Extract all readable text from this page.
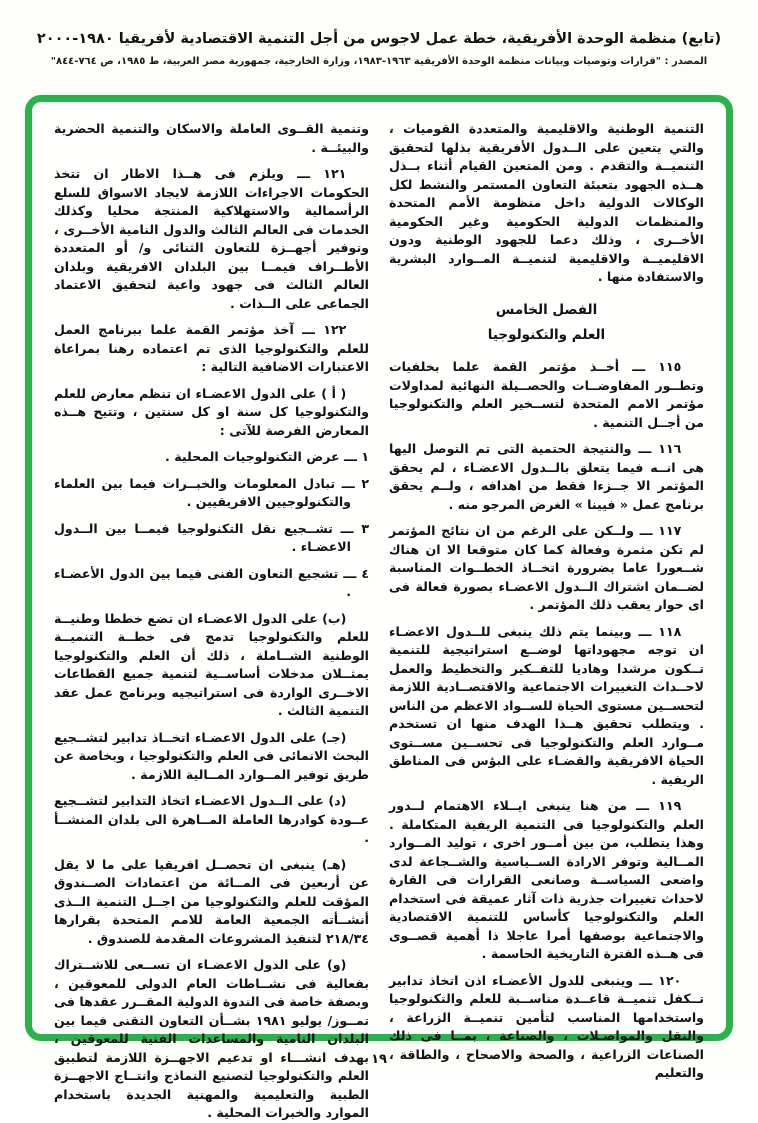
(تابع) منظمة الوحدة الأفريقية، خطة عمل لاجوس من أجل التنمية الاقتصادية لأفريقيا ١٩٨٠-٢٠٠٠
المصدر : "قرارات وتوصيات وبيانات منظمة الوحدة الأفريقية ١٩٦٣-١٩٨٣، وزارة الخارجية، جمهورية مصر العربية، ط ١٩٨٥، ص ٧٦٤-٨٤٤"

التنمية الوطنية والاقليمية والمتعددة القوميات ، والتي يتعين على الــدول الأفريقية بذلها لتحقيق التنميــة والتقدم . ومن المتعين القيام أثناء بــذل هــذه الجهود بتعبئة التعاون المستمر والنشط لكل الوكالات الدولية داخل منظومة الأمم المتحدة والمنظمات الدولية الحكومية وغير الحكومية الأخــرى ، وذلك دعما للجهود الوطنية ودون الاقليميــة والاقليمية لتنميــة المــوارد البشرية والاستفادة منها .

الفصل الخامس

العلم والتكنولوجيا

١١٥ ـــ أخــذ مؤتمر القمة علما بخلفيات وتطــور المفاوضــات والحصــيلة النهائية لمداولات مؤتمر الامم المتحدة لتســخير العلم والتكنولوجيا من أجــل التنمية .

١١٦ ـــ والنتيجة الحتمية التى تم التوصل اليها هى انــه فيما يتعلق بالــدول الاعضـاء ، لم يحقق المؤتمر الا جــزءا فقط من اهدافه ، ولــم يحقق برنامج عمل « فيينا » الغرض المرجو منه .

١١٧ ـــ ولــكن على الرغم من ان نتائج المؤتمر لم تكن مثمرة وفعالة كما كان متوقعا الا ان هناك شــعورا عاما بضرورة اتخــاذ الخطــوات المناسبة لضــمان اشتراك الــدول الاعضـاء بصورة فعالة فى اى حوار يعقب ذلك المؤتمر .

١١٨ ـــ وبينما يتم ذلك ينبغى للــدول الاعضـاء ان توجه مجهوداتها لوضــع استراتيجية للتنمية تــكون مرشدا وهاديا للتفــكير والتخطيط والعمل لاحــداث التغييرات الاجتماعية والاقتصــادية اللازمة لتحســين مستوى الحياة للســواد الاعظم من الناس . ويتطلب تحقيق هــذا الهدف منها ان تستخدم مــوارد العلم والتكنولوجيا فى تحســين مســتوى الحياة الافريقية والقضـاء على البؤس فى المناطق الريفية .

١١٩ ـــ من هنا ينبغى ايــلاء الاهتمام لــدور العلم والتكنولوجيا فى التنمية الريفية المتكاملة . وهذا يتطلب، من بين أمــور اخرى ، توليد المــوارد المــالية وتوفر الارادة الســياسية والشــجاعة لدى واضعى السياســة وصانعى القرارات فى القارة لاحداث تغييرات جذرية ذات آثار عميقة فى استخدام العلم والتكنولوجيا كأساس للتنمية الاقتصادية والاجتماعية بوصفها أمرا عاجلا ذا أهمية قصــوى فى هــذه الفترة التاريخية الحاسمة .

١٢٠ ـــ وينبغى للدول الأعضـاء اذن اتخاذ تدابير تــكفل تنميــة قاعــدة مناســبة للعلم والتكنولوجيا واستخدامها المناسب لتأمين تنميــة الزراعة ، والنقل والمواصـلات ، والصناعة ، بمــا فى ذلك الصناعات الزراعية ، والصحة والاصحاح ، والطاقة ، والتعليم

وتنمية القــوى العاملة والاسكان والتنمية الحضرية والبيئــة .

١٢١ ـــ ويلزم فى هــذا الاطار ان تتخذ الحكومات الاجراءات اللازمة لايجاد الاسواق للسلع الرأسمالية والاستهلاكية المنتجة محليا وكذلك الخدمات فى العالم الثالث والدول النامية الأخــرى ، وتوفير أجهــزة للتعاون الثنائى و/ أو المتعددة الأطــراف فيمــا بين البلدان الافريقية وبلدان العالم الثالث فى جهود واعية لتحقيق الاعتماد الجماعى على الــذات .

١٢٢ ـــ آخذ مؤتمر القمة علما ببرنامج العمل للعلم والتكنولوجيا الذى تم اعتماده رهنا بمراعاة الاعتبارات الاضافية التالية :

( أ ) على الدول الاعضـاء ان تنظم معارض للعلم والتكنولوجيا كل سنة او كل سنتين ، وتتيح هــذه المعارض الفرصة للآتى :

١ ـــ عرض التكنولوجيات المحلية .

٢ ـــ تبادل المعلومات والخبــرات فيما بين العلماء والتكنولوجيين الافريقيين .

٣ ـــ تشــجيع نقل التكنولوجيا فيمــا بين الــدول الاعضـاء .

٤ ـــ تشجيع التعاون الفنى فيما بين الدول الأعضـاء .

(ب) على الدول الاعضـاء ان تضع خططا وطنيــة للعلم والتكنولوجيا تدمج فى خطــة التنميــة الوطنية الشــاملة ، ذلك أن العلم والتكنولوجيا يمثــلان مدخلات أساســية لتنمية جميع القطاعات الاخــرى الواردة فى استراتيجيه وبرنامج عمل عقد التنمية الثالث .

(جـ) على الدول الاعضـاء اتخــاذ تدابير لتشــجيع البحث الانمائى فى العلم والتكنولوجيا ، وبخاصة عن طريق توفير المــوارد المــالية اللازمة .

(د) على الــدول الاعضـاء اتخاذ التدابير لتشــجيع عــودة كوادرها العاملة المــاهرة الى بلدان المنشــأ .

(هـ) ينبغى ان تحصــل افريقيا على ما لا يقل عن أربعين فى المــائة من اعتمادات الصــندوق المؤقت للعلم والتكنولوجيا من اجــل التنمية الــذى أنشــأته الجمعية العامة للامم المتحدة بقرارها ٢١٨/٣٤ لتنفيذ المشروعات المقدمة للصندوق .

(و) على الدول الاعضـاء ان تســعى للاشــتراك بفعالية فى نشــاطات العام الدولى للمعوقين ، وبصفة خاصة فى الندوة الدولية المقــرر عقدها فى تمــوز/ يوليو ١٩٨١ بشــأن التعاون التقنى فيما بين البلدان النامية والمساعدات الفنية للمعوقين ، بهدف انشـــاء او تدعيم الاجهــزة اللازمة لتطبيق العلم والتكنولوجيا لتصنيع النماذج وانتــاج الاجهــزة الطبية والتعليمية والمهنية الجديدة باستخدام الموارد والخبرات المحلية .

١٩
